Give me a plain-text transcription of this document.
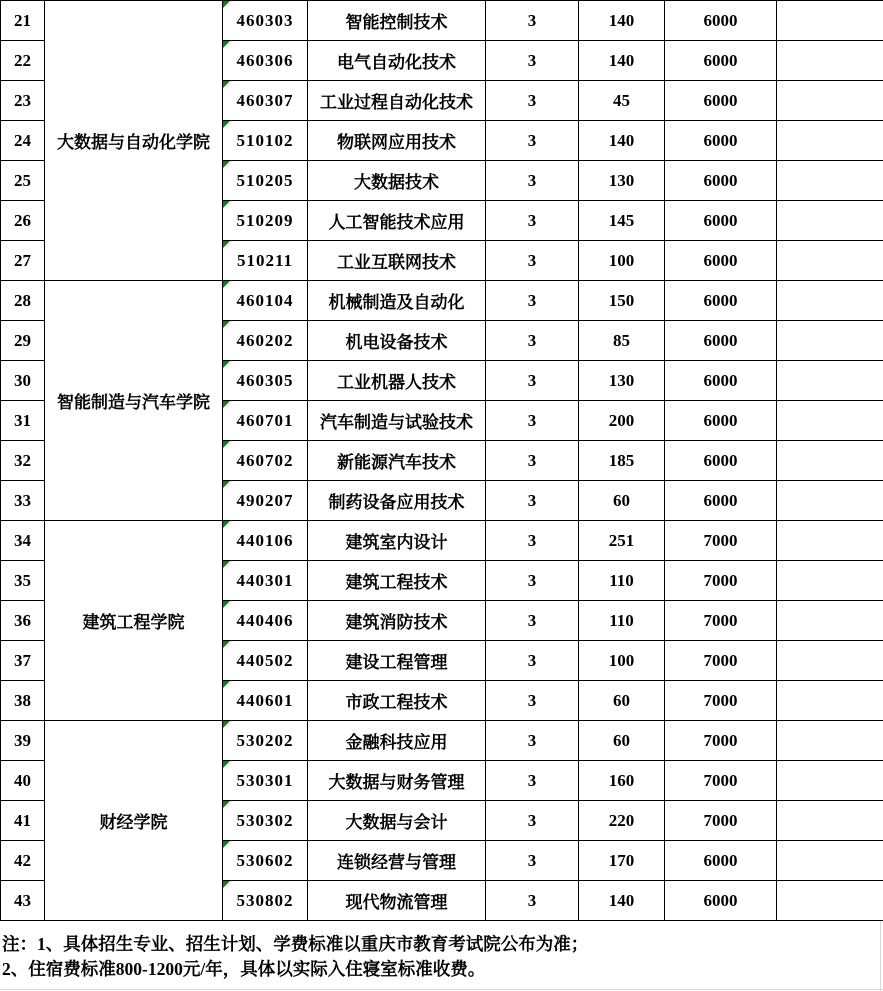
21	大数据与自动化学院	460303	智能控制技术	3	140	6000	
22		460306	电气自动化技术	3	140	6000	
23		460307	工业过程自动化技术	3	45	6000	
24		510102	物联网应用技术	3	140	6000	
25		510205	大数据技术	3	130	6000	
26		510209	人工智能技术应用	3	145	6000	
27		510211	工业互联网技术	3	100	6000	
28	智能制造与汽车学院	460104	机械制造及自动化	3	150	6000	
29		460202	机电设备技术	3	85	6000	
30		460305	工业机器人技术	3	130	6000	
31		460701	汽车制造与试验技术	3	200	6000	
32		460702	新能源汽车技术	3	185	6000	
33		490207	制药设备应用技术	3	60	6000	
34	建筑工程学院	440106	建筑室内设计	3	251	7000	
35		440301	建筑工程技术	3	110	7000	
36		440406	建筑消防技术	3	110	7000	
37		440502	建设工程管理	3	100	7000	
38		440601	市政工程技术	3	60	7000	
39	财经学院	530202	金融科技应用	3	60	7000	
40		530301	大数据与财务管理	3	160	7000	
41		530302	大数据与会计	3	220	7000	
42		530602	连锁经营与管理	3	170	6000	
43		530802	现代物流管理	3	140	6000	
注：1、具体招生专业、招生计划、学费标准以重庆市教育考试院公布为准；
2、住宿费标准800-1200元/年，具体以实际入住寝室标准收费。
